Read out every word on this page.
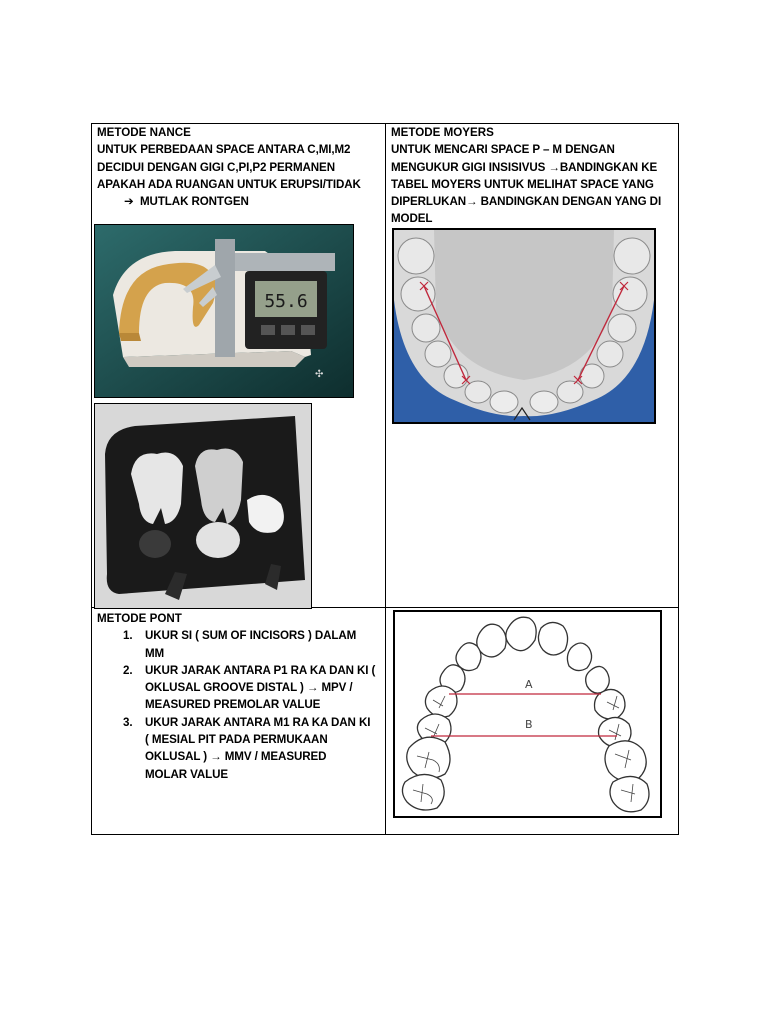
METODE NANCE
UNTUK PERBEDAAN SPACE ANTARA C,MI,M2
DECIDUI DENGAN GIGI C,PI,P2 PERMANEN
APAKAH ADA RUANGAN UNTUK ERUPSI/TIDAK
➔ MUTLAK RONTGEN
55.6
✣
METODE MOYERS
UNTUK MENCARI SPACE P – M DENGAN
MENGUKUR GIGI INSISIVUS →BANDINGKAN KE
TABEL MOYERS UNTUK MELIHAT SPACE YANG
DIPERLUKAN→ BANDINGKAN DENGAN YANG DI
MODEL
METODE PONT
1. UKUR SI ( SUM OF INCISORS ) DALAM
MM
2. UKUR JARAK ANTARA P1 RA KA DAN KI (
OKLUSAL GROOVE DISTAL ) → MPV /
MEASURED PREMOLAR VALUE
3. UKUR JARAK ANTARA M1 RA KA DAN KI
( MESIAL PIT PADA PERMUKAAN
OKLUSAL ) → MMV / MEASURED
MOLAR VALUE
A
B
